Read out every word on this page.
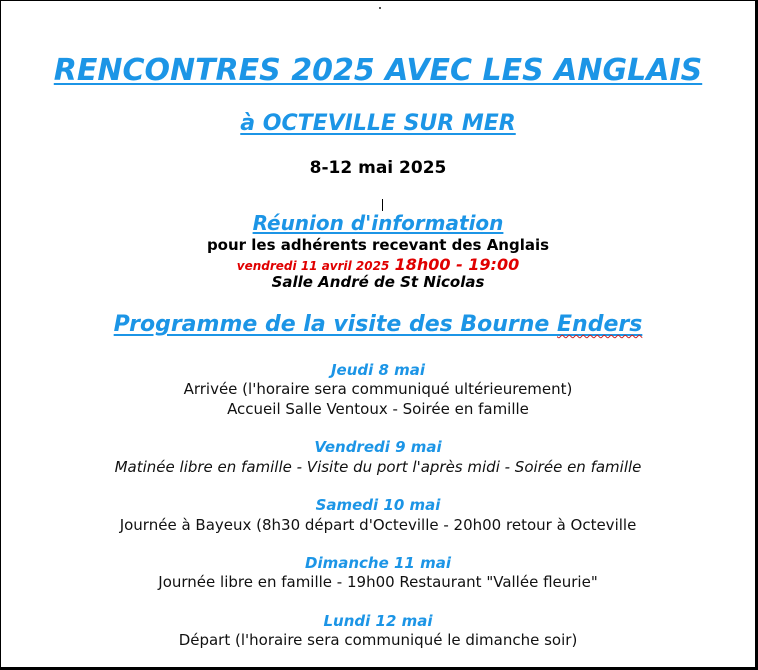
RENCONTRES 2025 AVEC LES ANGLAIS
à OCTEVILLE SUR MER
8-12 mai 2025
Réunion d'information
pour les adhérents recevant des Anglais
vendredi 11 avril 2025 18h00 - 19:00
Salle André de St Nicolas
Programme de la visite des Bourne Enders
Jeudi 8 mai
Arrivée (l'horaire sera communiqué ultérieurement)
Accueil Salle Ventoux - Soirée en famille
Vendredi 9 mai
Matinée libre en famille - Visite du port l'après midi - Soirée en famille
Samedi 10 mai
Journée à Bayeux (8h30 départ d'Octeville - 20h00 retour à Octeville
Dimanche 11 mai
Journée libre en famille - 19h00 Restaurant "Vallée fleurie"
Lundi 12 mai
Départ (l'horaire sera communiqué le dimanche soir)
